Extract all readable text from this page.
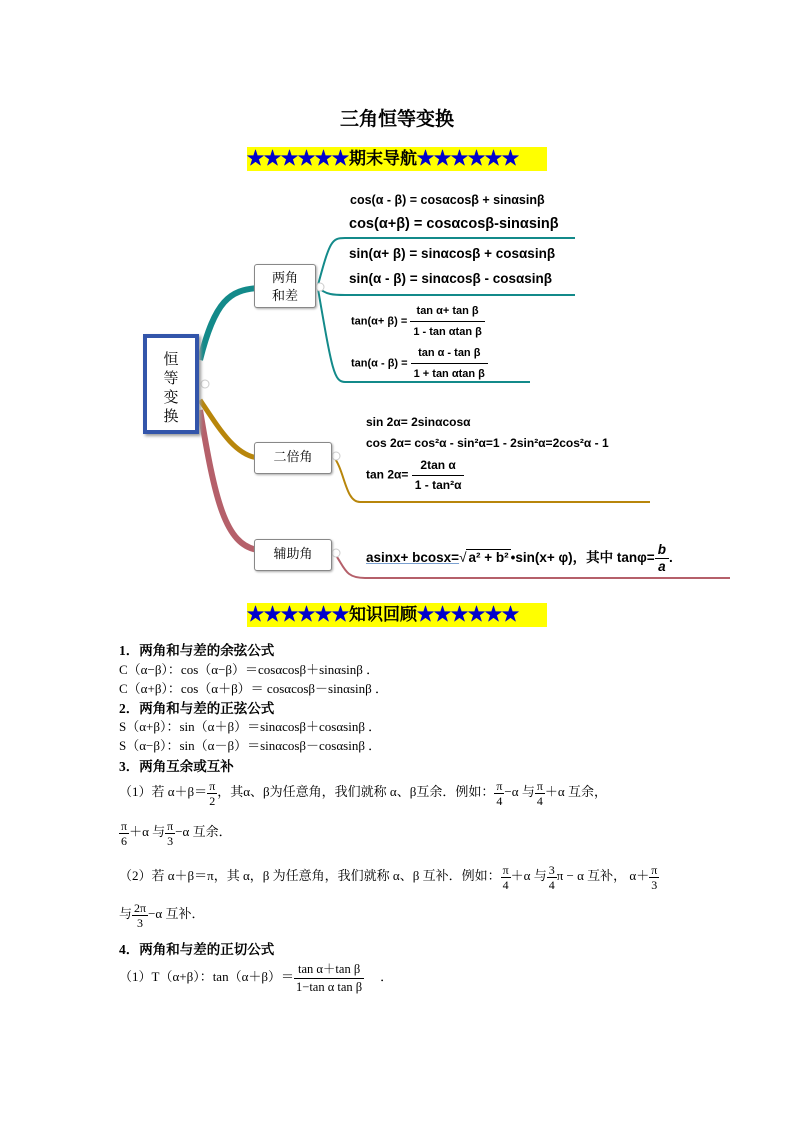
三角恒等变换
★★★★★★期末导航★★★★★★
恒
等
变
换
两角
和差
二倍角
辅助角
cos(α - β) = cosαcosβ + sinαsinβ
cos(α+β) = cosαcosβ-sinαsinβ
sin(α+ β) = sinαcosβ + cosαsinβ
sin(α - β) = sinαcosβ - cosαsinβ
$\tan(\alpha+ \beta) = \frac{\text{tan α+ tan β}}{\text{1 - tan αtan β}}$
$\tan(\alpha - \beta) = \frac{\text{tan α - tan β}}{\text{1 + tan αtan β}}$
sin 2α= 2sinαcosα
cos 2α= cos²α - sin²α=1 - 2sin²α=2cos²α - 1
$\tan 2\alpha= \frac{\text{2tan α}}{\text{1 - tan²α}}$
asinx+ bcosx=√ a² + b² •sin(x+ φ)，其中 $\tan\varphi= \frac{b}{a}$ .
★★★★★★知识回顾★★★★★★
1．两角和与差的余弦公式
C（α−β）：cos（α−β）＝cosαcosβ＋sinαsinβ ．
C（α+β）：cos（α＋β）＝ cosαcosβ－sinαsinβ ．
2．两角和与差的正弦公式
S（α+β）：sin（α＋β）＝sinαcosβ＋cosαsinβ ．
S（α−β）：sin（α－β）＝sinαcosβ－cosαsinβ ．
3．两角互余或互补
（1）若 $\alpha+\beta= \frac{\pi}{2}$ ，其α、β为任意角，我们就称 α、β互余．例如： $\frac{\pi}{4} -\alpha$ 与 $\frac{\pi}{4} +\alpha$ 互余，
$\frac{\pi}{6} +\alpha$ 与 $\frac{\pi}{3} -\alpha$ 互余．
（2）若 α＋β＝π，其 α，β 为任意角，我们就称 α、β 互补．例如： $\frac{\pi}{4} +\alpha$ 与 $\frac{3}{4}$ π − α 互补， $\alpha+ \frac{\pi}{3}$
与 $\frac{2\pi}{3} -\alpha$ 互补．
4．两角和与差的正切公式
（1）T（α+β）：$\tan(\alpha+\beta)= \frac{\text{tan α＋tan β}}{\text{1−tan α tan β}}$ ．
